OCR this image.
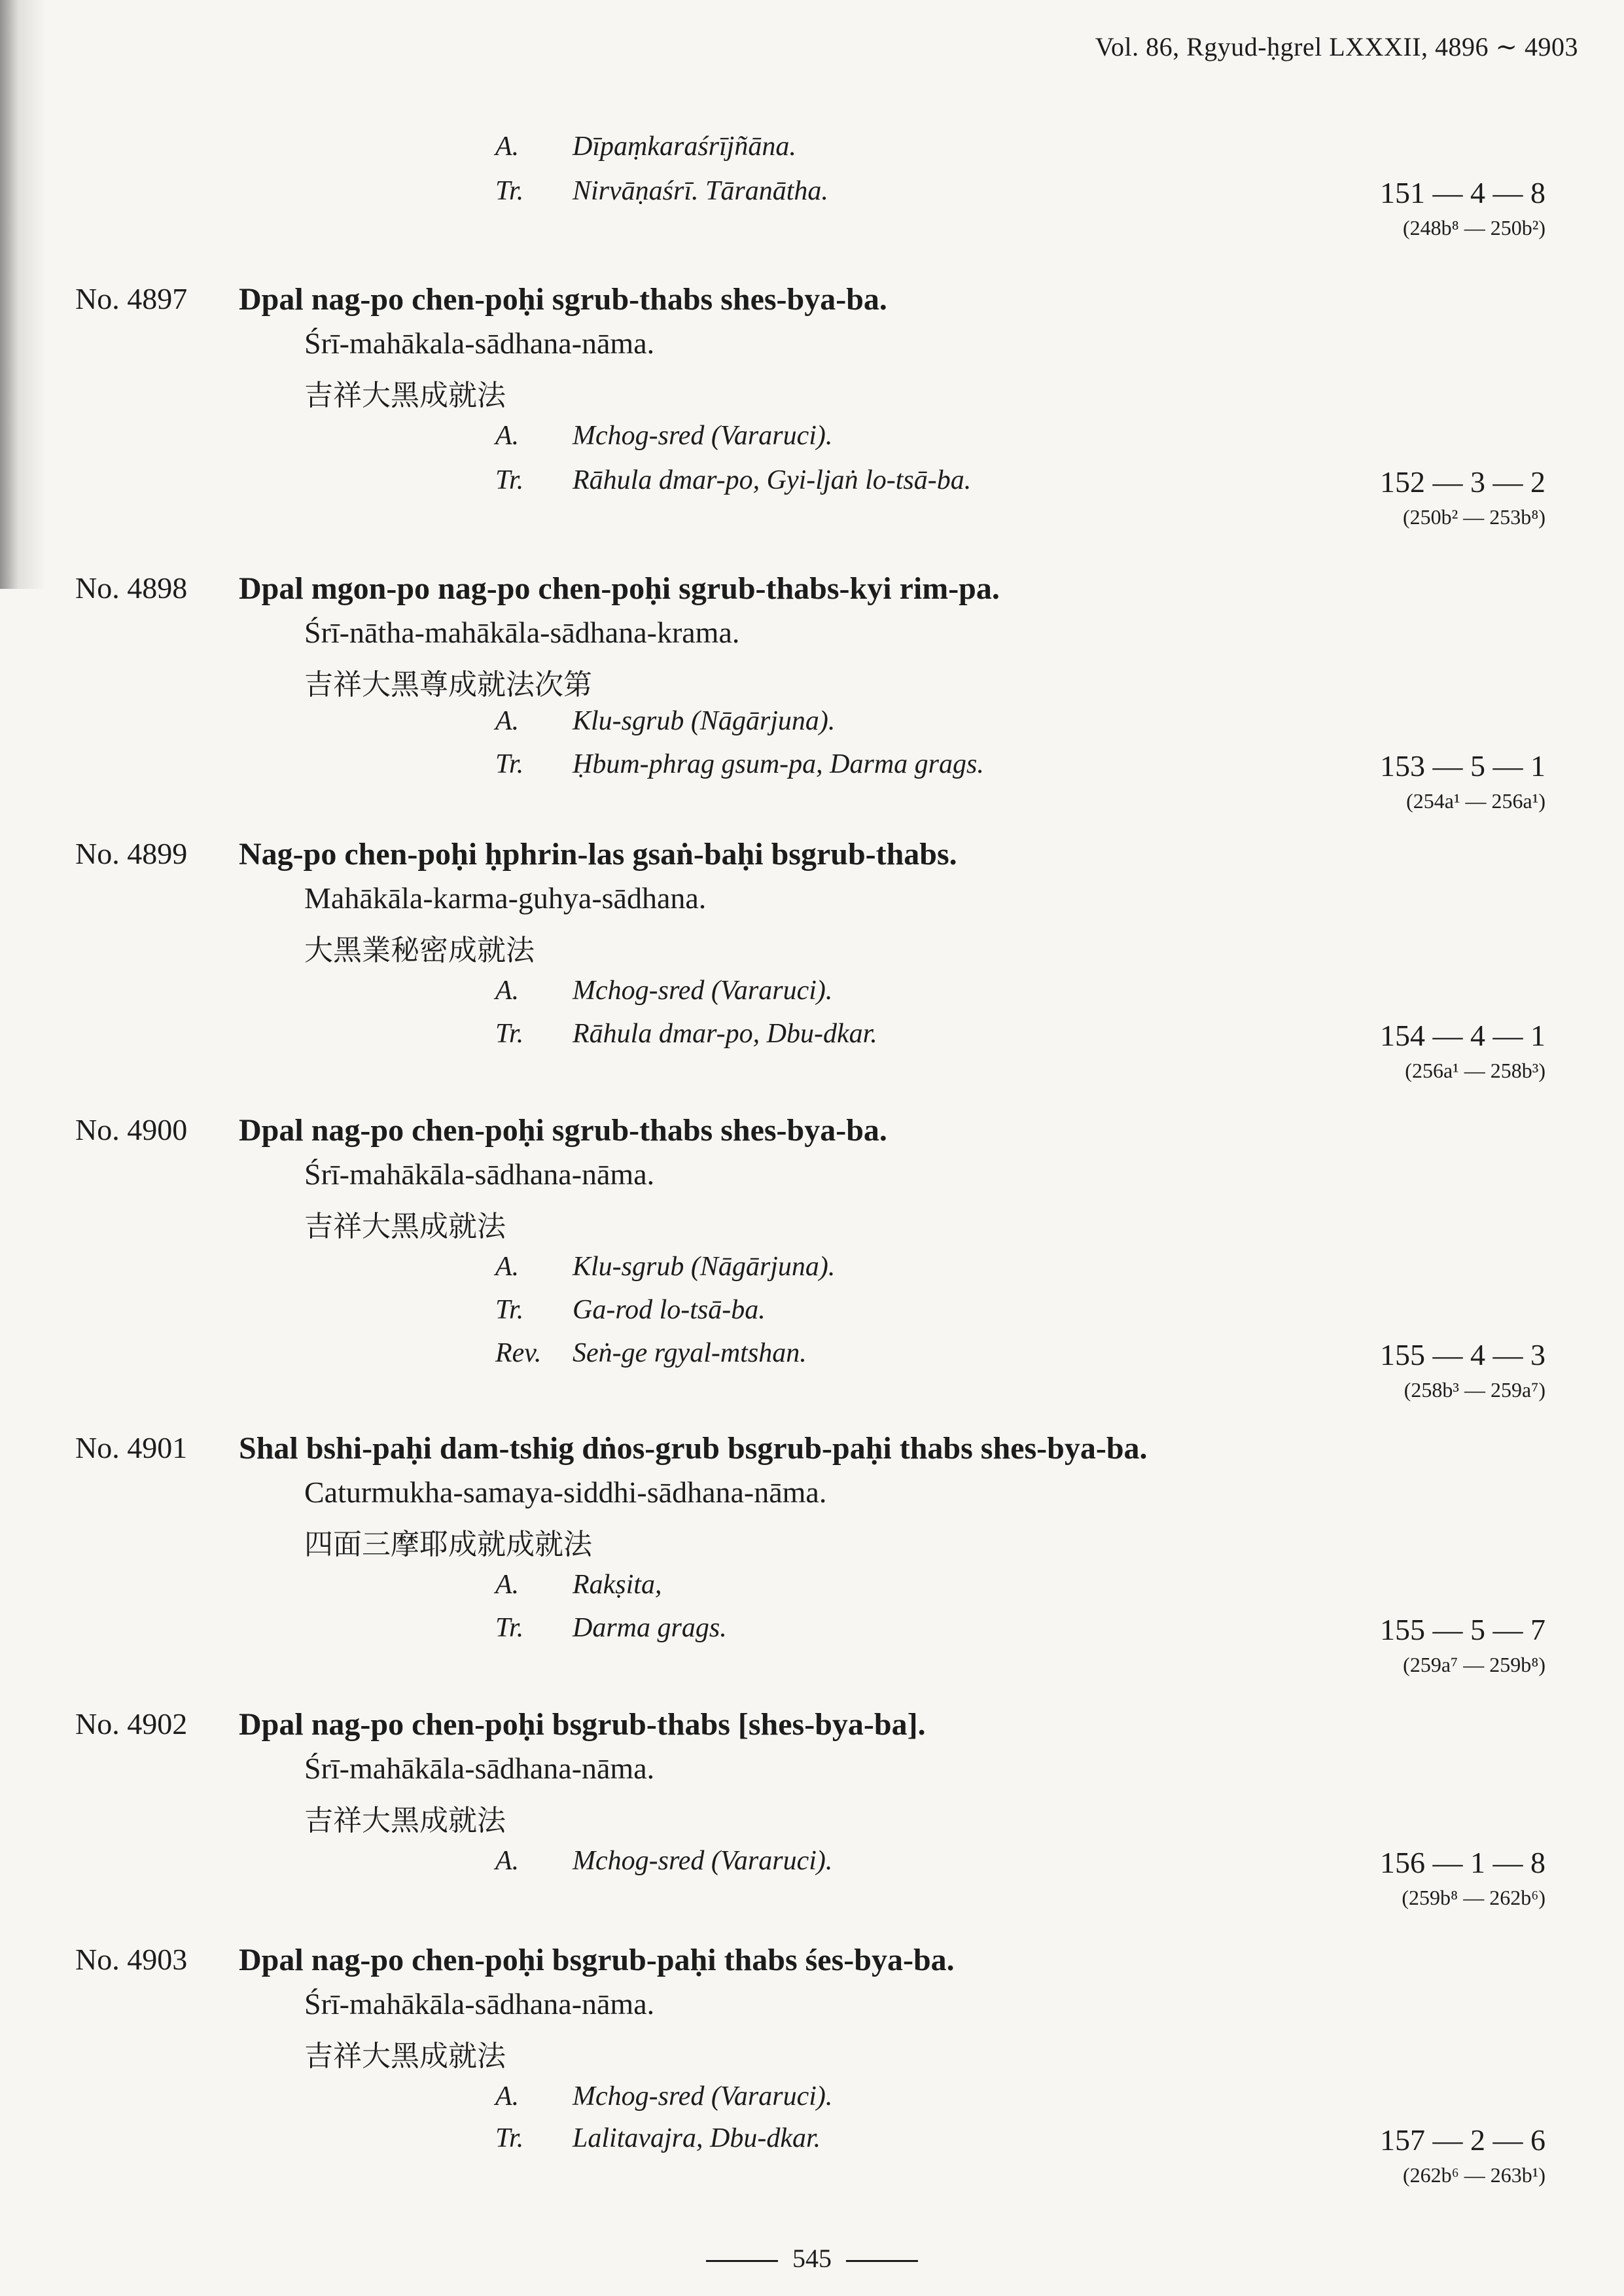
Vol. 86, Rgyud-ḥgrel LXXXII, 4896 ∼ 4903
A. Dīpaṃkaraśrījñāna.
Tr. Nirvāṇaśrī. Tāranātha.	151 — 4 — 8
(248b⁸ — 250b²)
No. 4897 Dpal nag-po chen-poḥi sgrub-thabs shes-bya-ba.
Śrī-mahākala-sādhana-nāma.
吉祥大黑成就法
A. Mchog-sred (Vararuci).
Tr. Rāhula dmar-po, Gyi-ljaṅ lo-tsā-ba.	152 — 3 — 2
(250b² — 253b⁸)
No. 4898 Dpal mgon-po nag-po chen-poḥi sgrub-thabs-kyi rim-pa.
Śrī-nātha-mahākāla-sādhana-krama.
吉祥大黑尊成就法次第
A. Klu-sgrub (Nāgārjuna).
Tr. Ḥbum-phrag gsum-pa, Darma grags.	153 — 5 — 1
(254a¹ — 256a¹)
No. 4899 Nag-po chen-poḥi ḥphrin-las gsaṅ-baḥi bsgrub-thabs.
Mahākāla-karma-guhya-sādhana.
大黑業秘密成就法
A. Mchog-sred (Vararuci).
Tr. Rāhula dmar-po, Dbu-dkar.	154 — 4 — 1
(256a¹ — 258b³)
No. 4900 Dpal nag-po chen-poḥi sgrub-thabs shes-bya-ba.
Śrī-mahākāla-sādhana-nāma.
吉祥大黑成就法
A. Klu-sgrub (Nāgārjuna).
Tr. Ga-rod lo-tsā-ba.
Rev. Seṅ-ge rgyal-mtshan.	155 — 4 — 3
(258b³ — 259a⁷)
No. 4901 Shal bshi-paḥi dam-tshig dṅos-grub bsgrub-paḥi thabs shes-bya-ba.
Caturmukha-samaya-siddhi-sādhana-nāma.
四面三摩耶成就成就法
A. Rakṣita,
Tr. Darma grags.	155 — 5 — 7
(259a⁷ — 259b⁸)
No. 4902 Dpal nag-po chen-poḥi bsgrub-thabs [shes-bya-ba].
Śrī-mahākāla-sādhana-nāma.
吉祥大黑成就法
A. Mchog-sred (Vararuci).	156 — 1 — 8
(259b⁸ — 262b⁶)
No. 4903 Dpal nag-po chen-poḥi bsgrub-paḥi thabs śes-bya-ba.
Śrī-mahākāla-sādhana-nāma.
吉祥大黑成就法
A. Mchog-sred (Vararuci).
Tr. Lalitavajra, Dbu-dkar.	157 — 2 — 6
(262b⁶ — 263b¹)
545
